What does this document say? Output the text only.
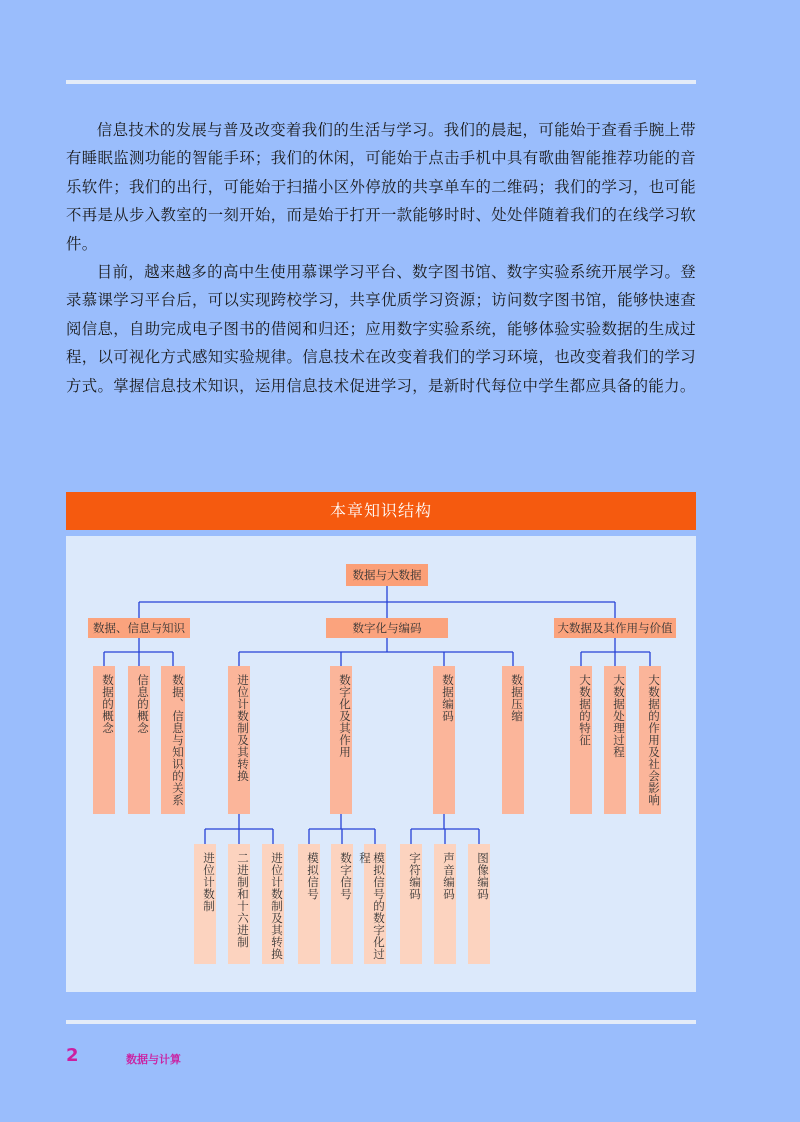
信息技术的发展与普及改变着我们的生活与学习。我们的晨起，可能始于查看手腕上带有睡眠监测功能的智能手环；我们的休闲，可能始于点击手机中具有歌曲智能推荐功能的音乐软件；我们的出行，可能始于扫描小区外停放的共享单车的二维码；我们的学习，也可能不再是从步入教室的一刻开始，而是始于打开一款能够时时、处处伴随着我们的在线学习软件。

目前，越来越多的高中生使用慕课学习平台、数字图书馆、数字实验系统开展学习。登录慕课学习平台后，可以实现跨校学习，共享优质学习资源；访问数字图书馆，能够快速查阅信息，自助完成电子图书的借阅和归还；应用数字实验系统，能够体验实验数据的生成过程，以可视化方式感知实验规律。信息技术在改变着我们的学习环境，也改变着我们的学习方式。掌握信息技术知识，运用信息技术促进学习，是新时代每位中学生都应具备的能力。

本章知识结构
数据与大数据
数据、信息与知识	数字化与编码	大数据及其作用与价值
数据的概念	信息的概念	数据、信息与知识的关系	进位计数制及其转换	数字化及其作用	数据编码	数据压缩	大数据的特征	大数据处理过程	大数据的作用及社会影响
进位计数制	二进制和十六进制	进位计数制及其转换	模拟信号	数字信号	模拟信号的数字化过程	字符编码	声音编码	图像编码
2	数据与计算
